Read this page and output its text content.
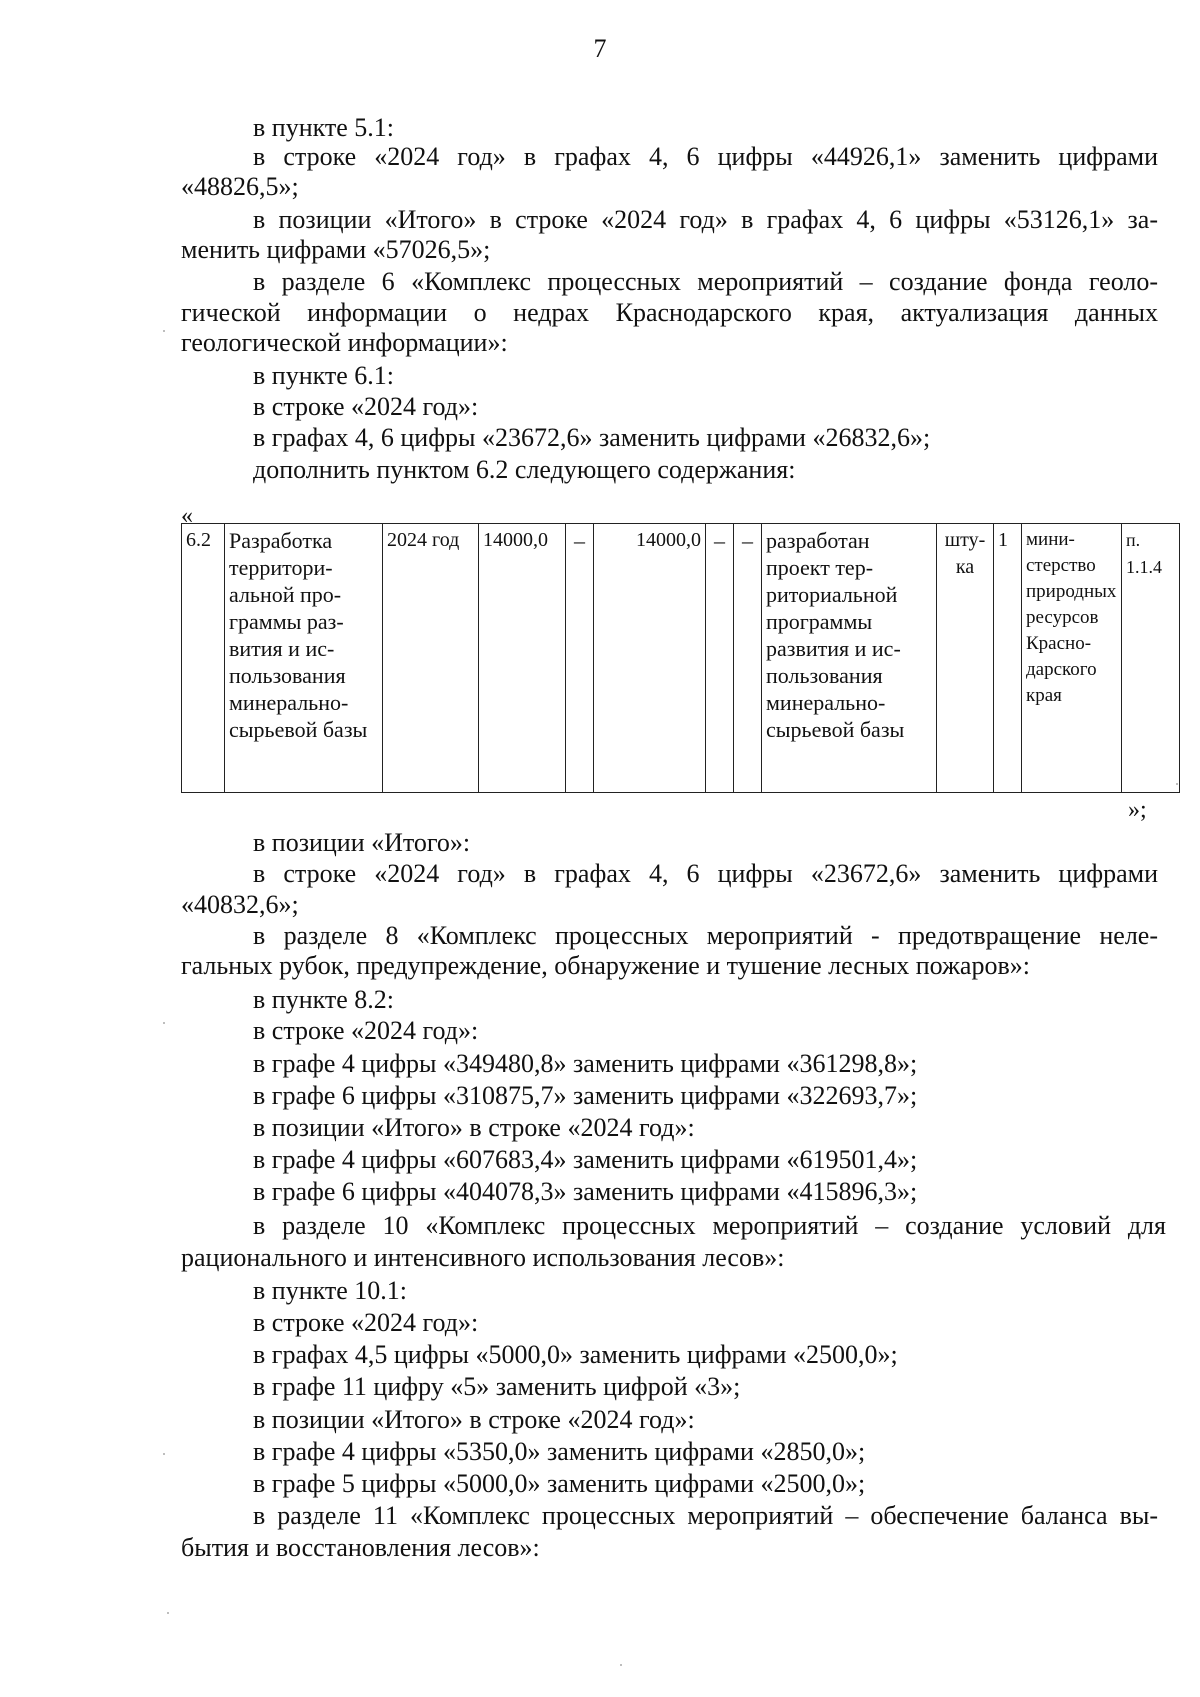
7
в пункте 5.1:
в строке «2024 год» в графах 4, 6 цифры «44926,1» заменить цифрами
«48826,5»;
в позиции «Итого» в строке «2024 год» в графах 4, 6 цифры «53126,1» за-
менить цифрами «57026,5»;
в разделе 6 «Комплекс процессных мероприятий – создание фонда геоло-
гической информации о недрах Краснодарского края, актуализация данных
геологической информации»:
в пункте 6.1:
в строке «2024 год»:
в графах 4, 6 цифры «23672,6» заменить цифрами «26832,6»;
дополнить пунктом 6.2 следующего содержания:
«
6.2	Разработка территориальной программы развития и использования минерально-сырьевой базы	2024 год	14000,0	–	14000,0	–	–	разработан проект территориальной программы развития и использования минерально-сырьевой базы	штука	1	министерство природных ресурсов Краснодарского края	п. 1.1.4
»;
в позиции «Итого»:
в строке «2024 год» в графах 4, 6 цифры «23672,6» заменить цифрами
«40832,6»;
в разделе 8 «Комплекс процессных мероприятий - предотвращение неле-
гальных рубок, предупреждение, обнаружение и тушение лесных пожаров»:
в пункте 8.2:
в строке «2024 год»:
в графе 4 цифры «349480,8» заменить цифрами «361298,8»;
в графе 6 цифры «310875,7» заменить цифрами «322693,7»;
в позиции «Итого» в строке «2024 год»:
в графе 4 цифры «607683,4» заменить цифрами «619501,4»;
в графе 6 цифры «404078,3» заменить цифрами «415896,3»;
в разделе 10 «Комплекс процессных мероприятий – создание условий для
рационального и интенсивного использования лесов»:
в пункте 10.1:
в строке «2024 год»:
в графах 4,5 цифры «5000,0» заменить цифрами «2500,0»;
в графе 11 цифру «5» заменить цифрой «3»;
в позиции «Итого» в строке «2024 год»:
в графе 4 цифры «5350,0» заменить цифрами «2850,0»;
в графе 5 цифры «5000,0» заменить цифрами «2500,0»;
в разделе 11 «Комплекс процессных мероприятий – обеспечение баланса вы-
бытия и восстановления лесов»:
